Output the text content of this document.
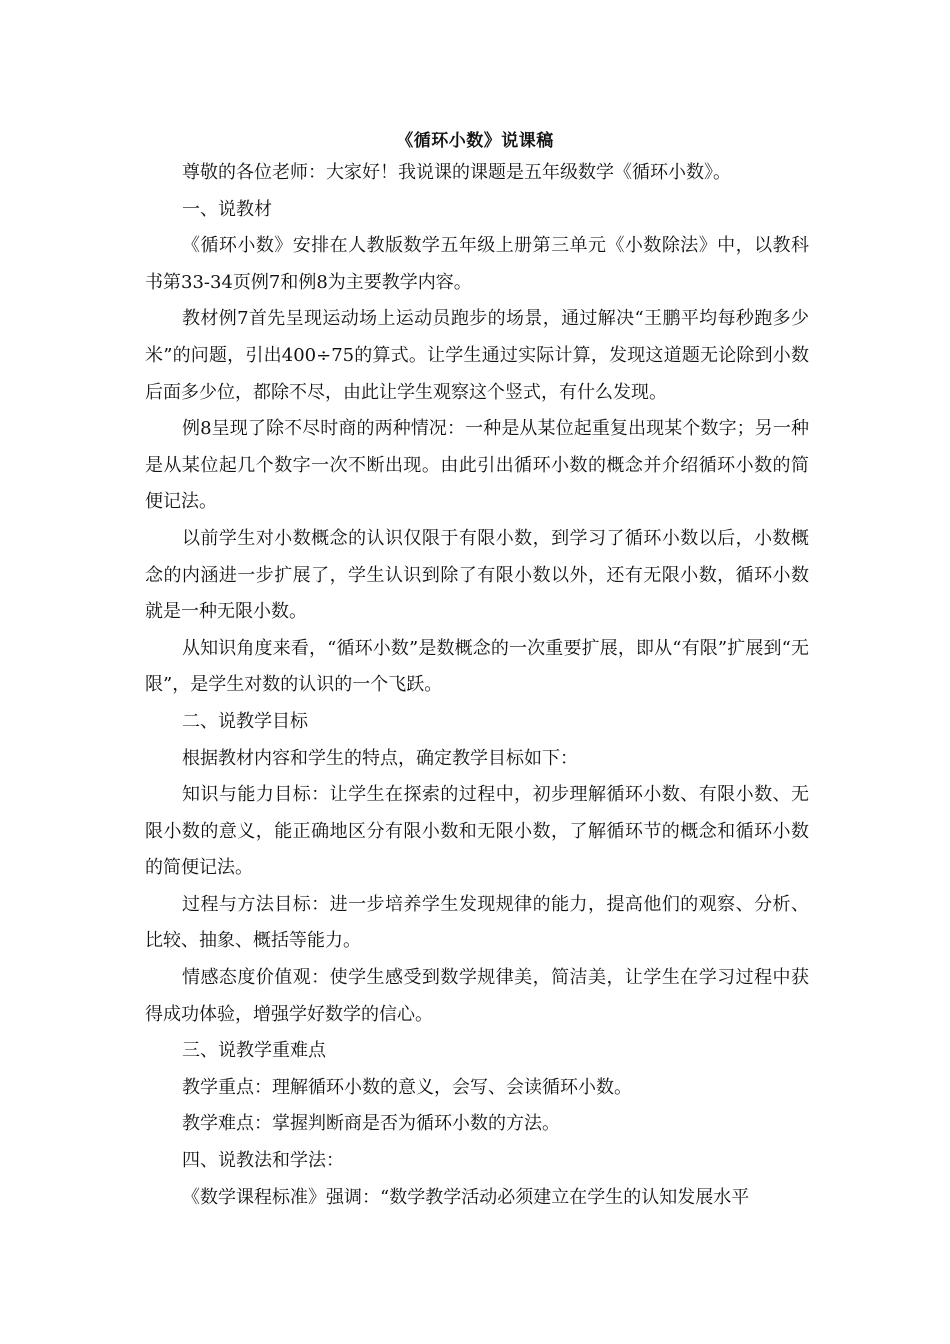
《循环小数》说课稿

尊敬的各位老师：大家好！我说课的课题是五年级数学《循环小数》。

一、说教材

《循环小数》安排在人教版数学五年级上册第三单元《小数除法》中，以教科书第33-34页例7和例8为主要教学内容。

教材例7首先呈现运动场上运动员跑步的场景，通过解决“王鹏平均每秒跑多少米”的问题，引出400÷75的算式。让学生通过实际计算，发现这道题无论除到小数后面多少位，都除不尽，由此让学生观察这个竖式，有什么发现。

例8呈现了除不尽时商的两种情况：一种是从某位起重复出现某个数字；另一种是从某位起几个数字一次不断出现。由此引出循环小数的概念并介绍循环小数的简便记法。

以前学生对小数概念的认识仅限于有限小数，到学习了循环小数以后，小数概念的内涵进一步扩展了，学生认识到除了有限小数以外，还有无限小数，循环小数就是一种无限小数。

从知识角度来看，“循环小数”是数概念的一次重要扩展，即从“有限”扩展到“无限”，是学生对数的认识的一个飞跃。

二、说教学目标

根据教材内容和学生的特点，确定教学目标如下：

知识与能力目标：让学生在探索的过程中，初步理解循环小数、有限小数、无限小数的意义，能正确地区分有限小数和无限小数，了解循环节的概念和循环小数的简便记法。

过程与方法目标：进一步培养学生发现规律的能力，提高他们的观察、分析、比较、抽象、概括等能力。

情感态度价值观：使学生感受到数学规律美，简洁美，让学生在学习过程中获得成功体验，增强学好数学的信心。

三、说教学重难点

教学重点：理解循环小数的意义，会写、会读循环小数。

教学难点：掌握判断商是否为循环小数的方法。

四、说教法和学法：

《数学课程标准》强调：“数学教学活动必须建立在学生的认知发展水平
